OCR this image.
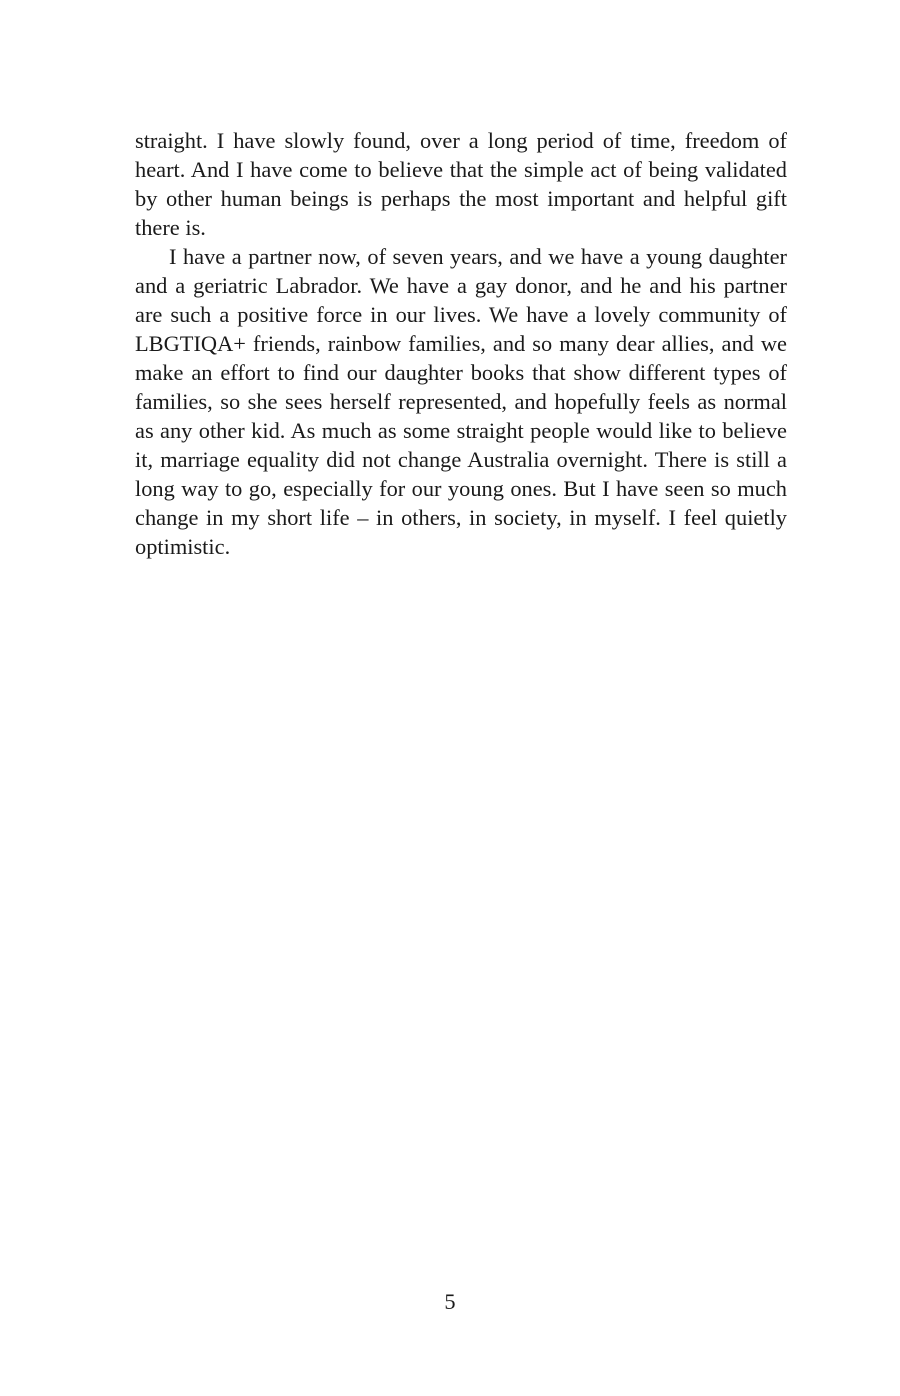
straight. I have slowly found, over a long period of time, freedom of heart. And I have come to believe that the simple act of being validated by other human beings is perhaps the most important and helpful gift there is.

I have a partner now, of seven years, and we have a young daughter and a geriatric Labrador. We have a gay donor, and he and his partner are such a positive force in our lives. We have a lovely community of LBGTIQA+ friends, rainbow families, and so many dear allies, and we make an effort to find our daughter books that show different types of families, so she sees herself represented, and hopefully feels as normal as any other kid. As much as some straight people would like to believe it, marriage equality did not change Australia overnight. There is still a long way to go, especially for our young ones. But I have seen so much change in my short life – in others, in society, in myself. I feel quietly optimistic.

5
